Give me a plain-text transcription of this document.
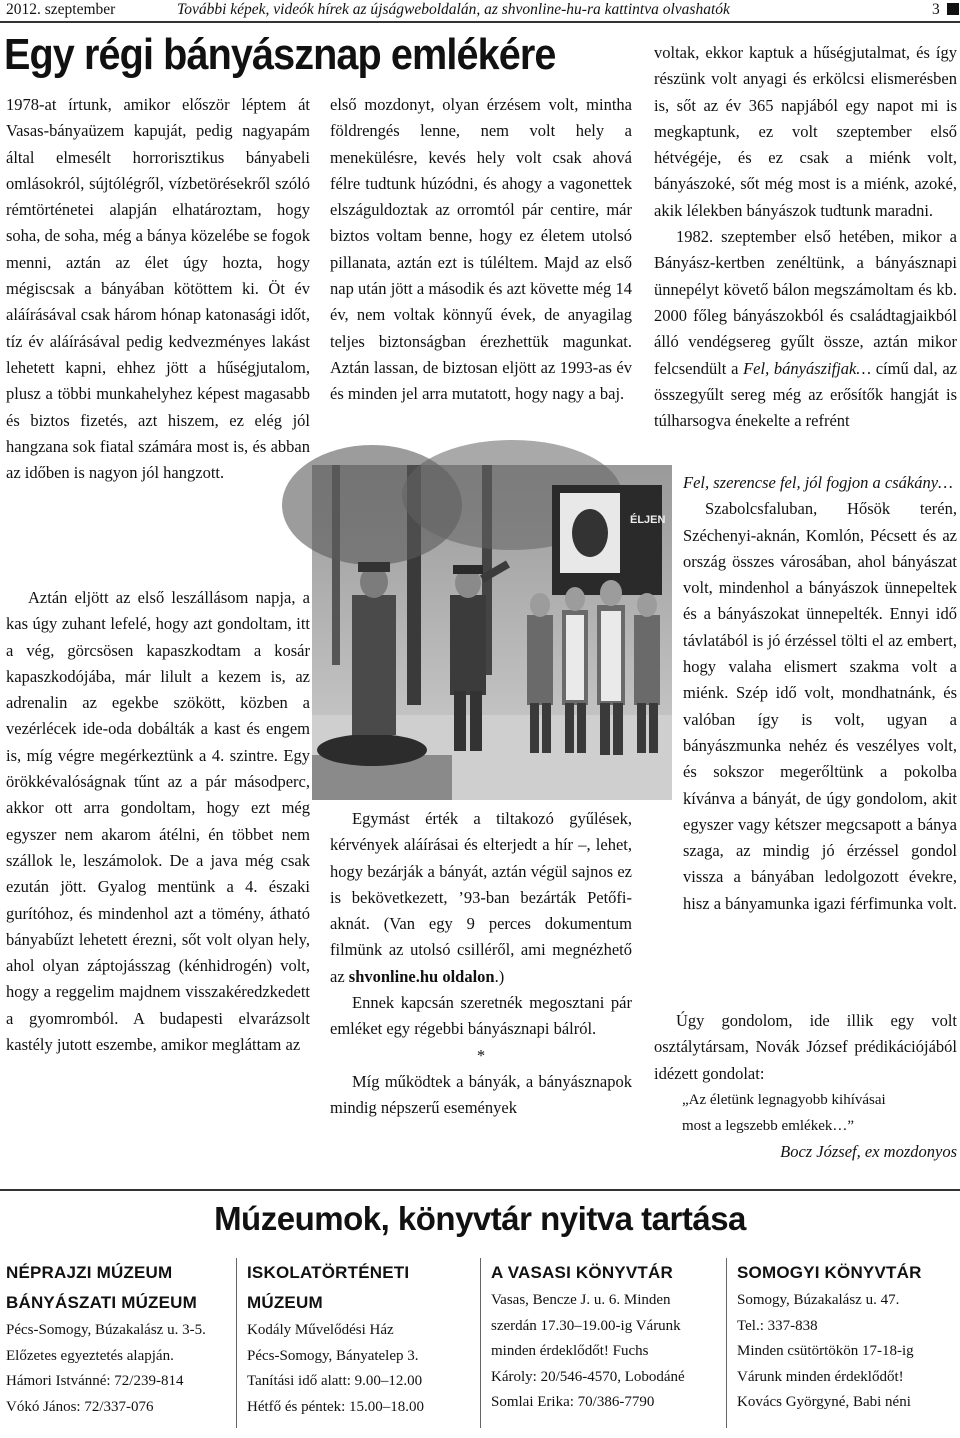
2012. szeptember	További képek, videók hírek az újságweboldalán, az shvonline-hu-ra kattintva olvashatók	3
Egy régi bányásznap emlékére

1978-at írtunk, amikor először léptem át Vasas-bányaüzem kapuját, pedig nagyapám által elmesélt horrorisztikus bányabeli omlásokról, sújtólégről, vízbetörésekről szóló rémtörténetei alapján elhatároztam, hogy soha, de soha, még a bánya közelébe se fogok menni, aztán az élet úgy hozta, hogy mégiscsak a bányában kötöttem ki. Öt év aláírásával csak három hónap katonasági időt, tíz év aláírásával pedig kedvezményes lakást lehetett kapni, ehhez jött a hűségjutalom, plusz a többi munkahelyhez képest magasabb és biztos fizetés, azt hiszem, ez elég jól hangzana sok fiatal számára most is, és abban az időben is nagyon jól hangzott.

Aztán eljött az első leszállásom napja, a kas úgy zuhant lefelé, hogy azt gondoltam, itt a vég, görcsösen kapaszkodtam a kosár kapaszkodójába, már lilult a kezem is, az adrenalin az egekbe szökött, közben a vezérlécek ide-oda dobálták a kast és engem is, míg végre megérkeztünk a 4. szintre. Egy örökkévalóságnak tűnt az a pár másodperc, akkor ott arra gondoltam, hogy ezt még egyszer nem akarom átélni, én többet nem szállok le, leszámolok. De a java még csak ezután jött. Gyalog mentünk a 4. északi gurítóhoz, és mindenhol azt a tömény, átható bányabűzt lehetett érezni, sőt volt olyan hely, ahol olyan záptojásszag (kénhidrogén) volt, hogy a reggelim majdnem visszakéredzkedett a gyomromból. A budapesti elvarázsolt kastély jutott eszembe, amikor megláttam az

első mozdonyt, olyan érzésem volt, mintha földrengés lenne, nem volt hely a menekülésre, kevés hely volt csak ahová félre tudtunk húzódni, és ahogy a vagonettek elszáguldoztak az orromtól pár centire, már biztos voltam benne, hogy ez életem utolsó pillanata, aztán ezt is túléltem. Majd az első nap után jött a második és azt követte még 14 év, nem voltak könnyű évek, de anyagilag teljes biztonságban érezhettük magunkat. Aztán lassan, de biztosan eljött az 1993-as év és minden jel arra mutatott, hogy nagy a baj.

ÉLJEN

Egymást érték a tiltakozó gyűlések, kérvények aláírásai és elterjedt a hír –, lehet, hogy bezárják a bányát, aztán végül sajnos ez is bekövetkezett, ’93-ban bezárták Petőfi-aknát. (Van egy 9 perces dokumentum filmünk az utolsó csilléről, ami megnézhető az shvonline.hu oldalon.)

Ennek kapcsán szeretnék megosztani pár emléket egy régebbi bányásznapi bálról.

*

Míg működtek a bányák, a bányásznapok mindig népszerű események

voltak, ekkor kaptuk a hűségjutalmat, és így részünk volt anyagi és erkölcsi elismerésben is, sőt az év 365 napjából egy napot mi is megkaptunk, ez volt szeptember első hétvégéje, és ez csak a miénk volt, bányászoké, sőt még most is a miénk, azoké, akik lélekben bányászok tudtunk maradni.

1982. szeptember első hetében, mikor a Bányász-kertben zenéltünk, a bányásznapi ünnepélyt követő bálon megszámoltam és kb. 2000 főleg bányászokból és családtagjaikból álló vendégsereg gyűlt össze, aztán mikor felcsendült a Fel, bányászifjak… című dal, az összegyűlt sereg még az erősítők hangját is túlharsogva énekelte a refrént

Fel, szerencse fel, jól fogjon a csákány…

Szabolcsfaluban, Hősök terén, Széchenyi-aknán, Komlón, Pécsett és az ország összes városában, ahol bányászat volt, mindenhol a bányászok ünnepeltek és a bányászokat ünnepelték. Ennyi idő távlatából is jó érzéssel tölti el az embert, hogy valaha elismert szakma volt a miénk. Szép idő volt, mondhatnánk, és valóban így is volt, ugyan a bányászmunka nehéz és veszélyes volt, és sokszor megerőltünk a pokolba kívánva a bányát, de úgy gondolom, akit egyszer vagy kétszer megcsapott a bánya szaga, az mindig jó érzéssel gondol vissza a bányában ledolgozott évekre, hisz a bányamunka igazi férfimunka volt.

Úgy gondolom, ide illik egy volt osztálytársam, Novák József prédikációjából idézett gondolat:

„Az életünk legnagyobb kihívásai

most a legszebb emlékek…”

Bocz József, ex mozdonyos

Múzeumok, könyvtár nyitva tartása
NÉPRAJZI MÚZEUM
BÁNYÁSZATI MÚZEUM
Pécs-Somogy, Búzakalász u. 3-5.
Előzetes egyeztetés alapján.
Hámori Istvánné: 72/239-814
Vókó János: 72/337-076
ISKOLATÖRTÉNETI
MÚZEUM
Kodály Művelődési Ház
Pécs-Somogy, Bányatelep 3.
Tanítási idő alatt: 9.00–12.00
Hétfő és péntek: 15.00–18.00
A VASASI KÖNYVTÁR
Vasas, Bencze J. u. 6. Minden
szerdán 17.30–19.00-ig Várunk
minden érdeklődőt! Fuchs
Károly: 20/546-4570, Lobodáné
Somlai Erika: 70/386-7790
SOMOGYI KÖNYVTÁR
Somogy, Búzakalász u. 47.
Tel.: 337-838
Minden csütörtökön 17-18-ig
Várunk minden érdeklődőt!
Kovács Györgyné, Babi néni
